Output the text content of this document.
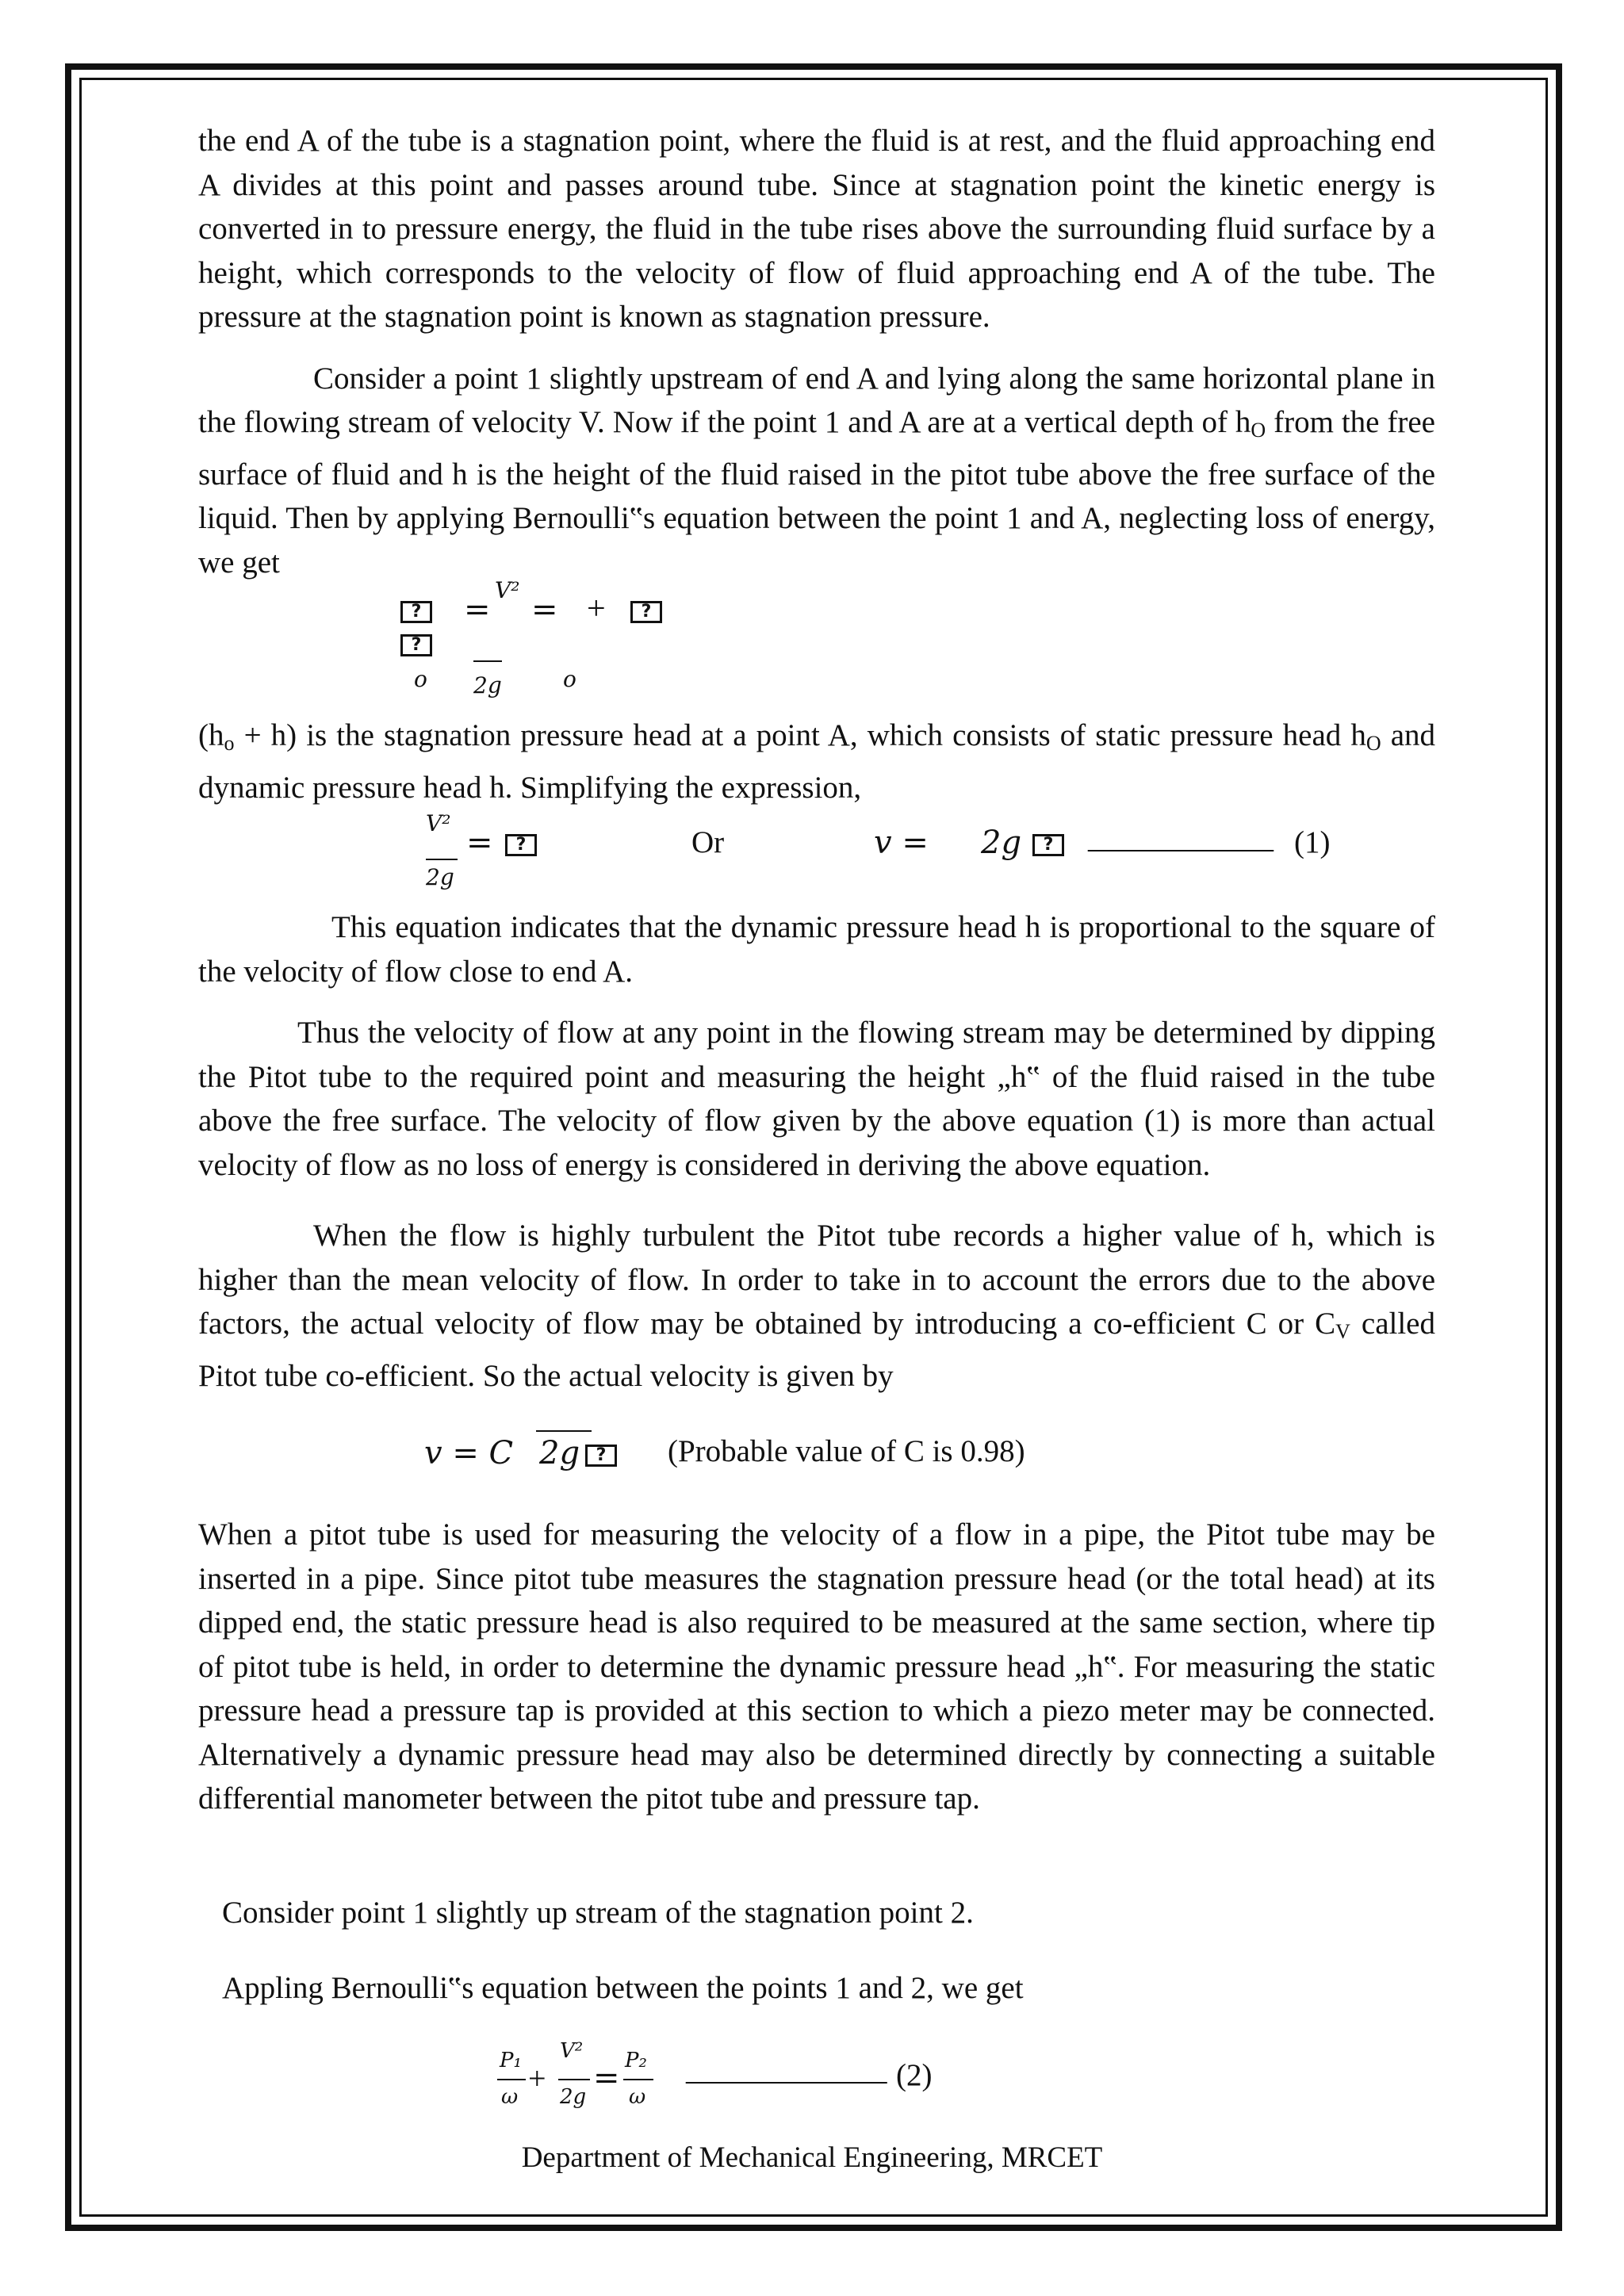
the end A of the tube is a stagnation point, where the fluid is at rest, and the fluid approaching end A divides at this point and passes around tube. Since at stagnation point the kinetic energy is converted in to pressure energy, the fluid in the tube rises above the surrounding fluid surface by a height, which corresponds to the velocity of flow of fluid approaching end A of the tube. The pressure at the stagnation point is known as stagnation pressure.

Consider a point 1 slightly upstream of end A and lying along the same horizontal plane in the flowing stream of velocity V. Now if the point 1 and A are at a vertical depth of $h_O$ from the free surface of fluid and h is the height of the fluid raised in the pitot tube above the free surface of the liquid. Then by applying Bernoulli‟s equation between the point 1 and A, neglecting loss of energy, we get

?	=
V²
= +	?
?
o 2g	o

$(h_o + h)$ is the stagnation pressure head at a point A, which consists of static pressure head $h_O$ and dynamic pressure head h. Simplifying the expression,

V²
2g
=	?	Or	v = 2g	?	____________ (1)

This equation indicates that the dynamic pressure head h is proportional to the square of the velocity of flow close to end A.

Thus the velocity of flow at any point in the flowing stream may be determined by dipping the Pitot tube to the required point and measuring the height „h‟ of the fluid raised in the tube above the free surface. The velocity of flow given by the above equation (1) is more than actual velocity of flow as no loss of energy is considered in deriving the above equation.

When the flow is highly turbulent the Pitot tube records a higher value of h, which is higher than the mean velocity of flow. In order to take in to account the errors due to the above factors, the actual velocity of flow may be obtained by introducing a co-efficient C or $C_V$ called Pitot tube co-efficient. So the actual velocity is given by

v = C 2g ?	(Probable value of C is 0.98)

When a pitot tube is used for measuring the velocity of a flow in a pipe, the Pitot tube may be inserted in a pipe. Since pitot tube measures the stagnation pressure head (or the total head) at its dipped end, the static pressure head is also required to be measured at the same section, where tip of pitot tube is held, in order to determine the dynamic pressure head „h‟. For measuring the static pressure head a pressure tap is provided at this section to which a piezo meter may be connected. Alternatively a dynamic pressure head may also be determined directly by connecting a suitable differential manometer between the pitot tube and pressure tap.

Consider point 1 slightly up stream of the stagnation point 2.
Appling Bernoulli‟s equation between the points 1 and 2, we get
P₁
ω
+
V²
2g
= P₂
ω
_____________ (2)
Department of Mechanical Engineering, MRCET
